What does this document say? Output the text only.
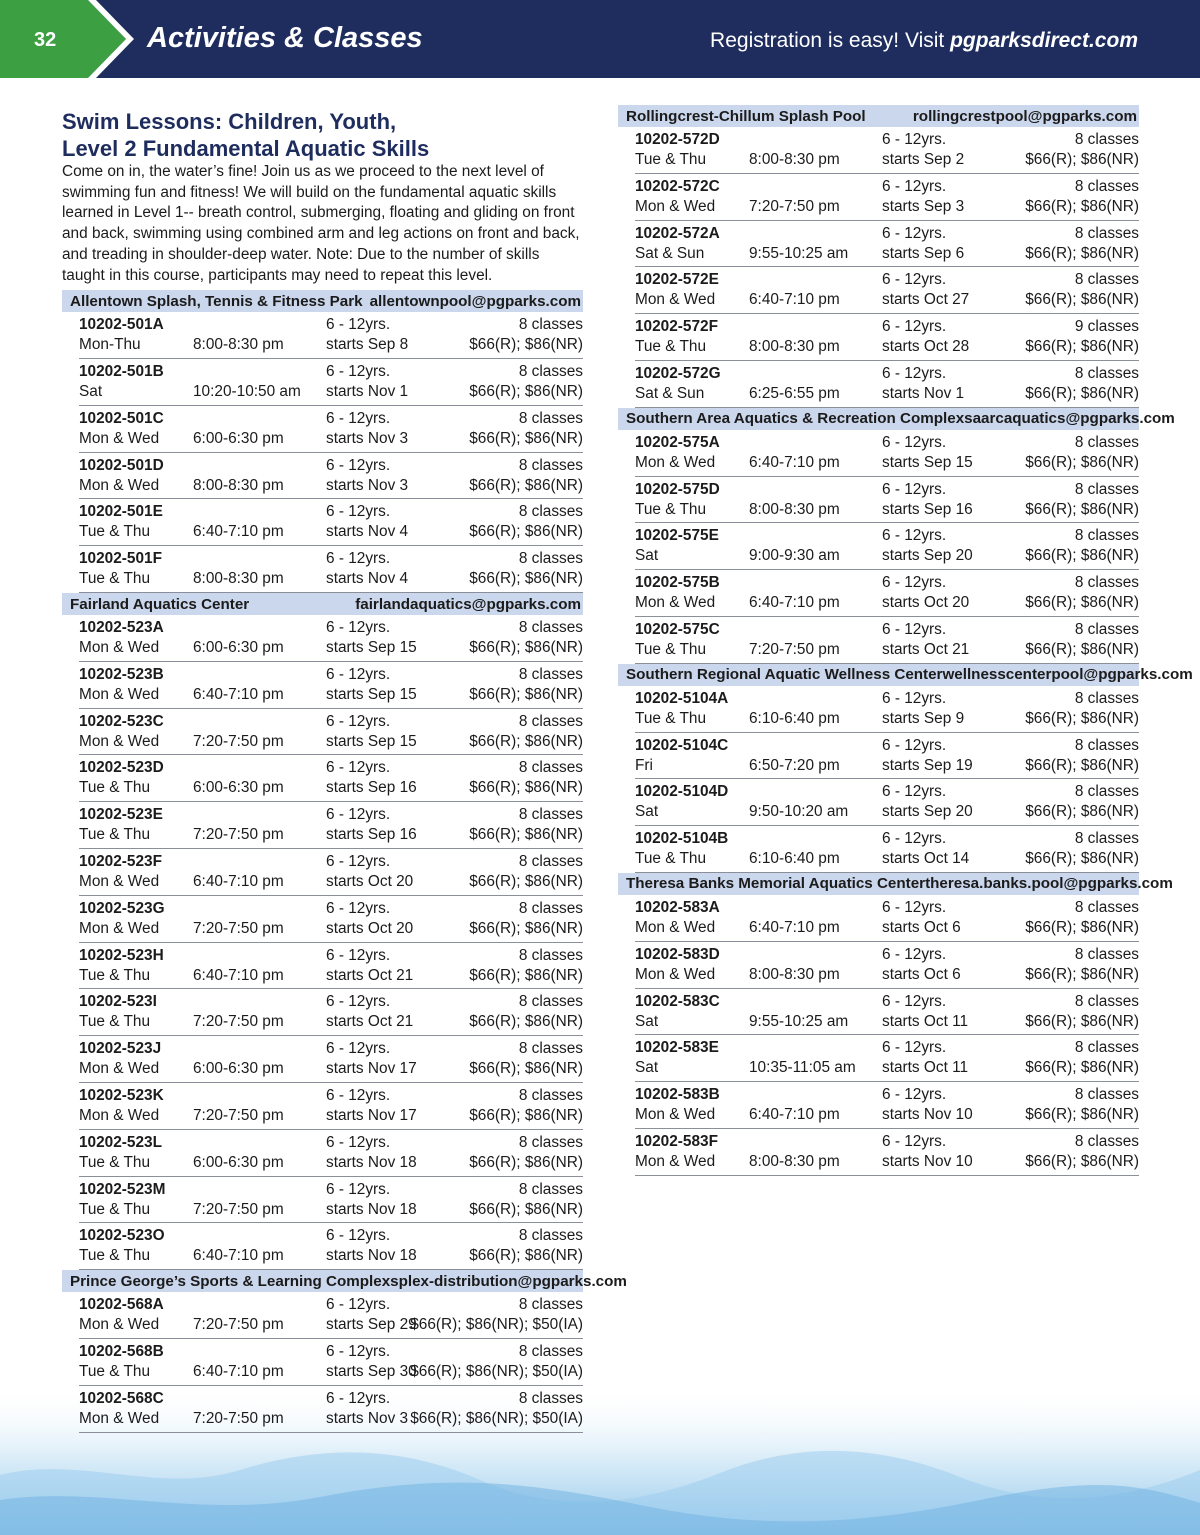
32	Activities & Classes	Registration is easy! Visit pgparksdirect.com
Swim Lessons: Children, Youth,
Level 2 Fundamental Aquatic Skills

Come on in, the water’s fine! Join us as we proceed to the next level of swimming fun and fitness! We will build on the fundamental aquatic skills learned in Level 1-- breath control, submerging, floating and gliding on front and back, swimming using combined arm and leg actions on front and back, and treading in shoulder-deep water. Note: Due to the number of skills taught in this course, participants may need to repeat this level.

Allentown Splash, Tennis & Fitness Park allentownpool@pgparks.com
10202-501A
Mon-Thu	8:00-8:30 pm
6 - 12yrs.
starts Sep 8
8 classes
$66(R); $86(NR)
10202-501B
Sat	10:20-10:50 am
6 - 12yrs.
starts Nov 1
8 classes
$66(R); $86(NR)
10202-501C
Mon & Wed 6:00-6:30 pm
6 - 12yrs.
starts Nov 3
8 classes
$66(R); $86(NR)
10202-501D
Mon & Wed 8:00-8:30 pm
6 - 12yrs.
starts Nov 3
8 classes
$66(R); $86(NR)
10202-501E
Tue & Thu	6:40-7:10 pm
6 - 12yrs.
starts Nov 4
8 classes
$66(R); $86(NR)
10202-501F
Tue & Thu	8:00-8:30 pm
6 - 12yrs.
starts Nov 4
8 classes
$66(R); $86(NR)
Fairland Aquatics Center	fairlandaquatics@pgparks.com
10202-523A
Mon & Wed 6:00-6:30 pm
6 - 12yrs.
starts Sep 15
8 classes
$66(R); $86(NR)
10202-523B
Mon & Wed 6:40-7:10 pm
6 - 12yrs.
starts Sep 15
8 classes
$66(R); $86(NR)
10202-523C
Mon & Wed 7:20-7:50 pm
6 - 12yrs.
starts Sep 15
8 classes
$66(R); $86(NR)
10202-523D
Tue & Thu	6:00-6:30 pm
6 - 12yrs.
starts Sep 16
8 classes
$66(R); $86(NR)
10202-523E
Tue & Thu	7:20-7:50 pm
6 - 12yrs.
starts Sep 16
8 classes
$66(R); $86(NR)
10202-523F
Mon & Wed 6:40-7:10 pm
6 - 12yrs.
starts Oct 20
8 classes
$66(R); $86(NR)
10202-523G
Mon & Wed 7:20-7:50 pm
6 - 12yrs.
starts Oct 20
8 classes
$66(R); $86(NR)
10202-523H
Tue & Thu	6:40-7:10 pm
6 - 12yrs.
starts Oct 21
8 classes
$66(R); $86(NR)
10202-523I
Tue & Thu	7:20-7:50 pm
6 - 12yrs.
starts Oct 21
8 classes
$66(R); $86(NR)
10202-523J
Mon & Wed 6:00-6:30 pm
6 - 12yrs.
starts Nov 17
8 classes
$66(R); $86(NR)
10202-523K
Mon & Wed 7:20-7:50 pm
6 - 12yrs.
starts Nov 17
8 classes
$66(R); $86(NR)
10202-523L
Tue & Thu	6:00-6:30 pm
6 - 12yrs.
starts Nov 18
8 classes
$66(R); $86(NR)
10202-523M
Tue & Thu	7:20-7:50 pm
6 - 12yrs.
starts Nov 18
8 classes
$66(R); $86(NR)
10202-523O
Tue & Thu	6:40-7:10 pm
6 - 12yrs.
starts Nov 18
8 classes
$66(R); $86(NR)
Prince George’s Sports & Learning Complex splex-distribution@pgparks.com
10202-568A
Mon & Wed 7:20-7:50 pm
6 - 12yrs.
starts Sep 29
8 classes
$66(R); $86(NR); $50(IA)
10202-568B
Tue & Thu	6:40-7:10 pm
6 - 12yrs.
starts Sep 30
8 classes
$66(R); $86(NR); $50(IA)
10202-568C
Mon & Wed 7:20-7:50 pm
6 - 12yrs.
starts Nov 3
8 classes
$66(R); $86(NR); $50(IA)
Rollingcrest-Chillum Splash Pool	rollingcrestpool@pgparks.com
10202-572D
Tue & Thu	8:00-8:30 pm
6 - 12yrs.
starts Sep 2
8 classes
$66(R); $86(NR)
10202-572C
Mon & Wed 7:20-7:50 pm
6 - 12yrs.
starts Sep 3
8 classes
$66(R); $86(NR)
10202-572A
Sat & Sun	9:55-10:25 am
6 - 12yrs.
starts Sep 6
8 classes
$66(R); $86(NR)
10202-572E
Mon & Wed 6:40-7:10 pm
6 - 12yrs.
starts Oct 27
8 classes
$66(R); $86(NR)
10202-572F
Tue & Thu	8:00-8:30 pm
6 - 12yrs.
starts Oct 28
9 classes
$66(R); $86(NR)
10202-572G
Sat & Sun	6:25-6:55 pm
6 - 12yrs.
starts Nov 1
8 classes
$66(R); $86(NR)
Southern Area Aquatics & Recreation Complex saarcaquatics@pgparks.com
10202-575A
Mon & Wed 6:40-7:10 pm
6 - 12yrs.
starts Sep 15
8 classes
$66(R); $86(NR)
10202-575D
Tue & Thu	8:00-8:30 pm
6 - 12yrs.
starts Sep 16
8 classes
$66(R); $86(NR)
10202-575E
Sat	9:00-9:30 am
6 - 12yrs.
starts Sep 20
8 classes
$66(R); $86(NR)
10202-575B
Mon & Wed 6:40-7:10 pm
6 - 12yrs.
starts Oct 20
8 classes
$66(R); $86(NR)
10202-575C
Tue & Thu	7:20-7:50 pm
6 - 12yrs.
starts Oct 21
8 classes
$66(R); $86(NR)
Southern Regional Aquatic Wellness Center wellnesscenterpool@pgparks.com
10202-5104A
Tue & Thu	6:10-6:40 pm
6 - 12yrs.
starts Sep 9
8 classes
$66(R); $86(NR)
10202-5104C
Fri	6:50-7:20 pm
6 - 12yrs.
starts Sep 19
8 classes
$66(R); $86(NR)
10202-5104D
Sat	9:50-10:20 am
6 - 12yrs.
starts Sep 20
8 classes
$66(R); $86(NR)
10202-5104B
Tue & Thu	6:10-6:40 pm
6 - 12yrs.
starts Oct 14
8 classes
$66(R); $86(NR)
Theresa Banks Memorial Aquatics Center theresa.banks.pool@pgparks.com
10202-583A
Mon & Wed 6:40-7:10 pm
6 - 12yrs.
starts Oct 6
8 classes
$66(R); $86(NR)
10202-583D
Mon & Wed 8:00-8:30 pm
6 - 12yrs.
starts Oct 6
8 classes
$66(R); $86(NR)
10202-583C
Sat	9:55-10:25 am
6 - 12yrs.
starts Oct 11
8 classes
$66(R); $86(NR)
10202-583E
Sat	10:35-11:05 am
6 - 12yrs.
starts Oct 11
8 classes
$66(R); $86(NR)
10202-583B
Mon & Wed 6:40-7:10 pm
6 - 12yrs.
starts Nov 10
8 classes
$66(R); $86(NR)
10202-583F
Mon & Wed 8:00-8:30 pm
6 - 12yrs.
starts Nov 10
8 classes
$66(R); $86(NR)
